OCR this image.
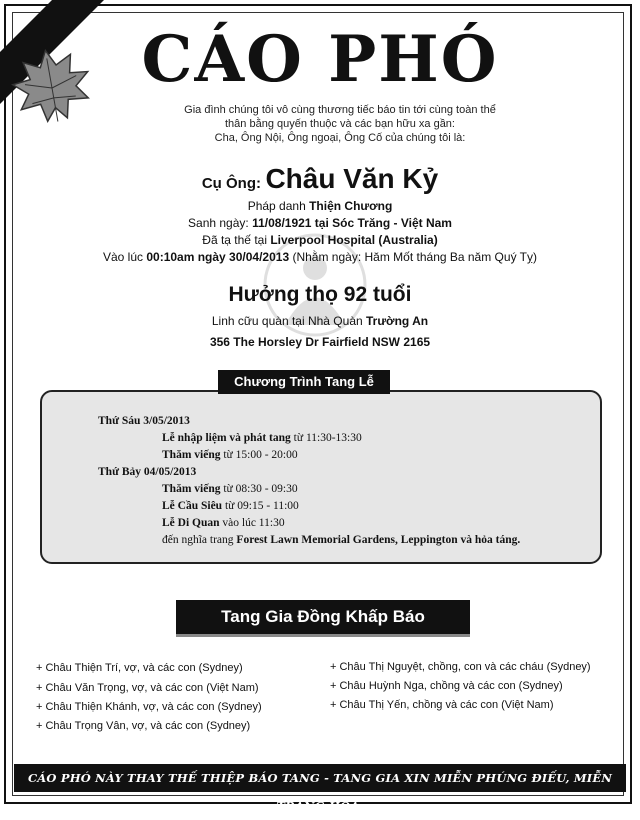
CÁO PHÓ
Gia đình chúng tôi vô cùng thương tiếc báo tin tới cùng toàn thể
thân bằng quyến thuộc và các bạn hữu xa gần:
Cha, Ông Nội, Ông ngoại, Ông Cố của chúng tôi là:
Cụ Ông: Châu Văn Kỷ
Pháp danh Thiện Chương
Sanh ngày: 11/08/1921 tại Sóc Trăng - Việt Nam
Đã tạ thế tại Liverpool Hospital (Australia)
Vào lúc 00:10am ngày 30/04/2013 (Nhằm ngày: Hăm Mốt tháng Ba năm Quý Tỵ)
Hưởng thọ 92 tuổi
Linh cữu quàn tại Nhà Quàn Trường An
356 The Horsley Dr Fairfield NSW 2165
Chương Trình Tang Lễ
Thứ Sáu 3/05/2013
Lễ nhập liệm và phát tang từ 11:30-13:30
Thăm viếng từ 15:00 - 20:00
Thứ Bảy 04/05/2013
Thăm viếng từ 08:30 - 09:30
Lễ Cầu Siêu từ 09:15 - 11:00
Lễ Di Quan vào lúc 11:30
đến nghĩa trang Forest Lawn Memorial Gardens, Leppington và hỏa táng.
Tang Gia Đồng Khấp Báo
+ Châu Thiện Trí, vợ, và các con (Sydney)
+ Châu Văn Trọng, vợ, và các con (Việt Nam)
+ Châu Thiện Khánh, vợ, và các con (Sydney)
+ Châu Trọng Vân, vợ, và các con (Sydney)
+ Châu Thị Nguyệt, chồng, con và các cháu (Sydney)
+ Châu Huỳnh Nga, chồng và các con (Sydney)
+ Châu Thị Yến, chồng và các con (Việt Nam)
CÁO PHÓ NÀY THAY THẾ THIỆP BÁO TANG - TANG GIA XIN MIỄN PHÚNG ĐIẾU, MIỄN TRÀNG HOA.
